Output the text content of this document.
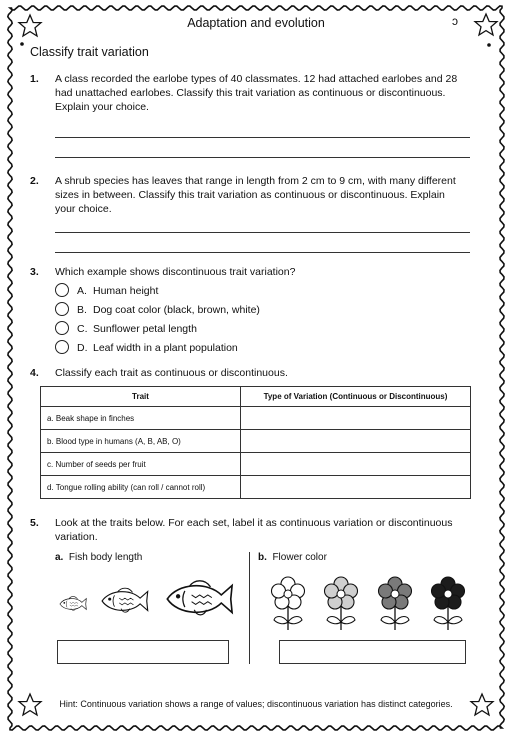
Adaptation and evolution	ɔ
Classify trait variation
1. A class recorded the earlobe types of 40 classmates. 12 had attached earlobes and 28 had unattached earlobes. Classify this trait variation as continuous or discontinuous. Explain your choice.
2. A shrub species has leaves that range in length from 2 cm to 9 cm, with many different sizes in between. Classify this trait variation as continuous or discontinuous. Explain your choice.
3. Which example shows discontinuous trait variation?
A. Human height
B. Dog coat color (black, brown, white)
C. Sunflower petal length
D. Leaf width in a plant population
4. Classify each trait as continuous or discontinuous.
Trait	Type of Variation (Continuous or Discontinuous)
a. Beak shape in finches	
b. Blood type in humans (A, B, AB, O)	
c. Number of seeds per fruit	
d. Tongue rolling ability (can roll / cannot roll)	
5. Look at the traits below. For each set, label it as continuous variation or discontinuous variation.
a. Fish body length	b. Flower color
Hint: Continuous variation shows a range of values; discontinuous variation has distinct categories.
